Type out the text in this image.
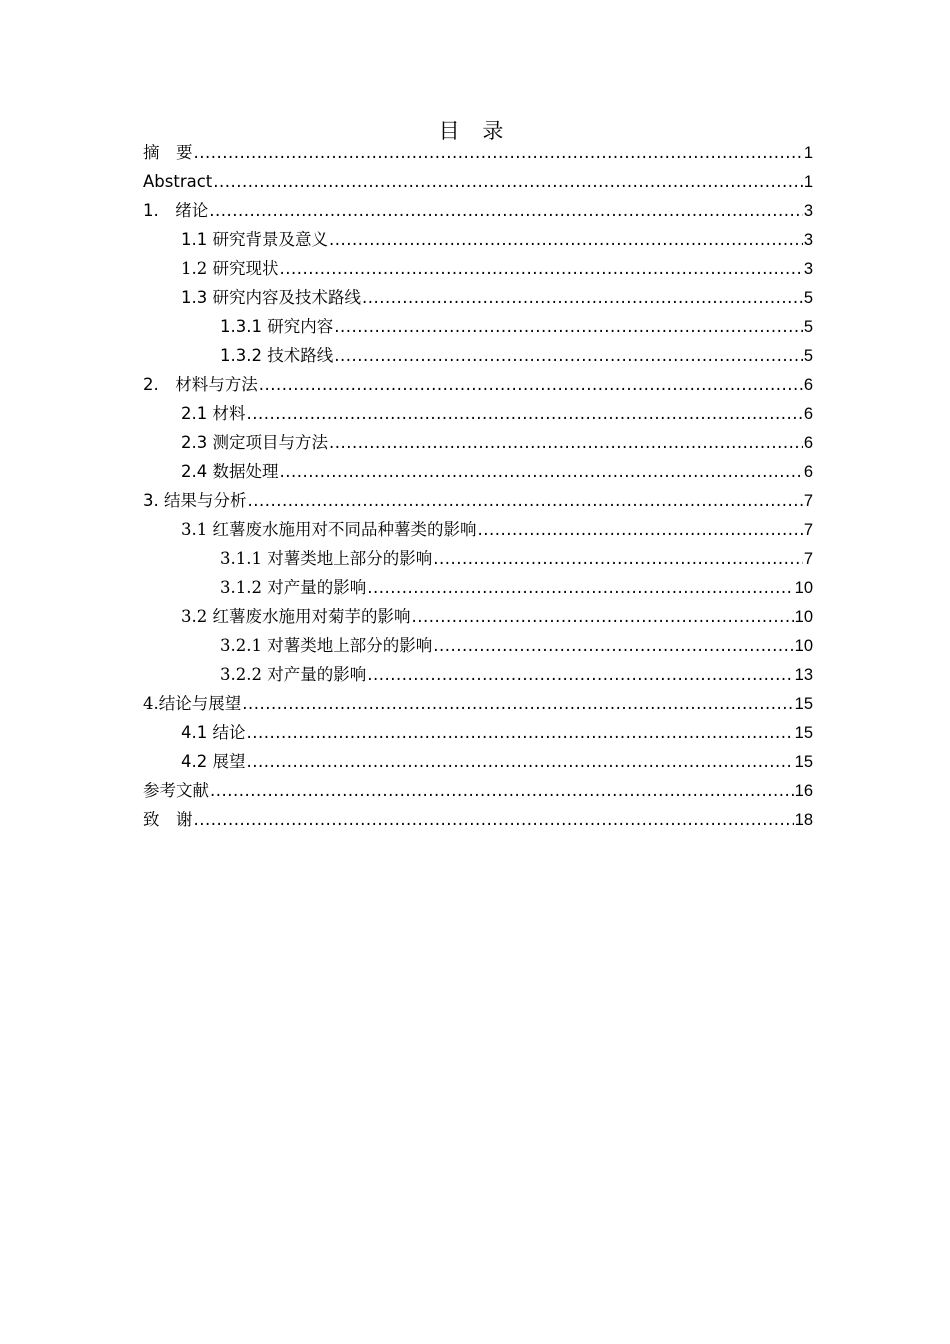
目 录
摘　要 .....	1
Abstract .....	1
1.　绪论 .....	3
1.1 研究背景及意义 .....	3
1.2 研究现状 .....	3
1.3 研究内容及技术路线 .....	5
1.3.1 研究内容 .....	5
1.3.2 技术路线 .....	5
2.　材料与方法 .....	6
2.1 材料 .....	6
2.3 测定项目与方法 .....	6
2.4 数据处理 .....	6
3. 结果与分析 .....	7
3.1 红薯废水施用对不同品种薯类的影响 .....	7
3.1.1 对薯类地上部分的影响 .....	7
3.1.2 对产量的影响 .....	10
3.2 红薯废水施用对菊芋的影响 .....	10
3.2.1 对薯类地上部分的影响 .....	10
3.2.2 对产量的影响 .....	13
4.结论与展望 .....	15
4.1 结论 .....	15
4.2 展望 .....	15
参考文献 .....	16
致　谢 .....	18
